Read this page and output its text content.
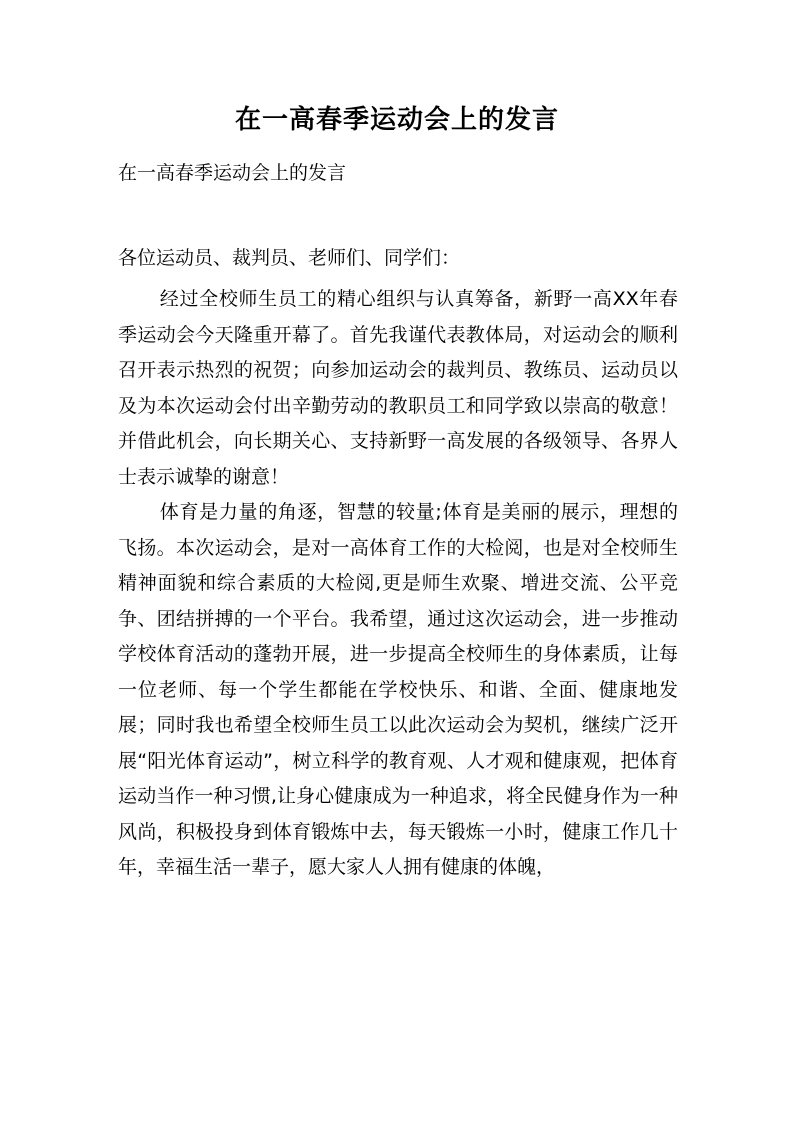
在一高春季运动会上的发言
在一高春季运动会上的发言
各位运动员、裁判员、老师们、同学们：

经过全校师生员工的精心组织与认真筹备，新野一高XX年春季运动会今天隆重开幕了。首先我谨代表教体局，对运动会的顺利召开表示热烈的祝贺；向参加运动会的裁判员、教练员、运动员以及为本次运动会付出辛勤劳动的教职员工和同学致以崇高的敬意！并借此机会，向长期关心、支持新野一高发展的各级领导、各界人士表示诚挚的谢意！

体育是力量的角逐，智慧的较量;体育是美丽的展示，理想的飞扬。本次运动会，是对一高体育工作的大检阅，也是对全校师生精神面貌和综合素质的大检阅,更是师生欢聚、增进交流、公平竞争、团结拼搏的一个平台。我希望，通过这次运动会，进一步推动学校体育活动的蓬勃开展，进一步提高全校师生的身体素质，让每一位老师、每一个学生都能在学校快乐、和谐、全面、健康地发展；同时我也希望全校师生员工以此次运动会为契机，继续广泛开展“阳光体育运动”，树立科学的教育观、人才观和健康观，把体育运动当作一种习惯,让身心健康成为一种追求，将全民健身作为一种风尚，积极投身到体育锻炼中去，每天锻炼一小时，健康工作几十年，幸福生活一辈子，愿大家人人拥有健康的体魄，
